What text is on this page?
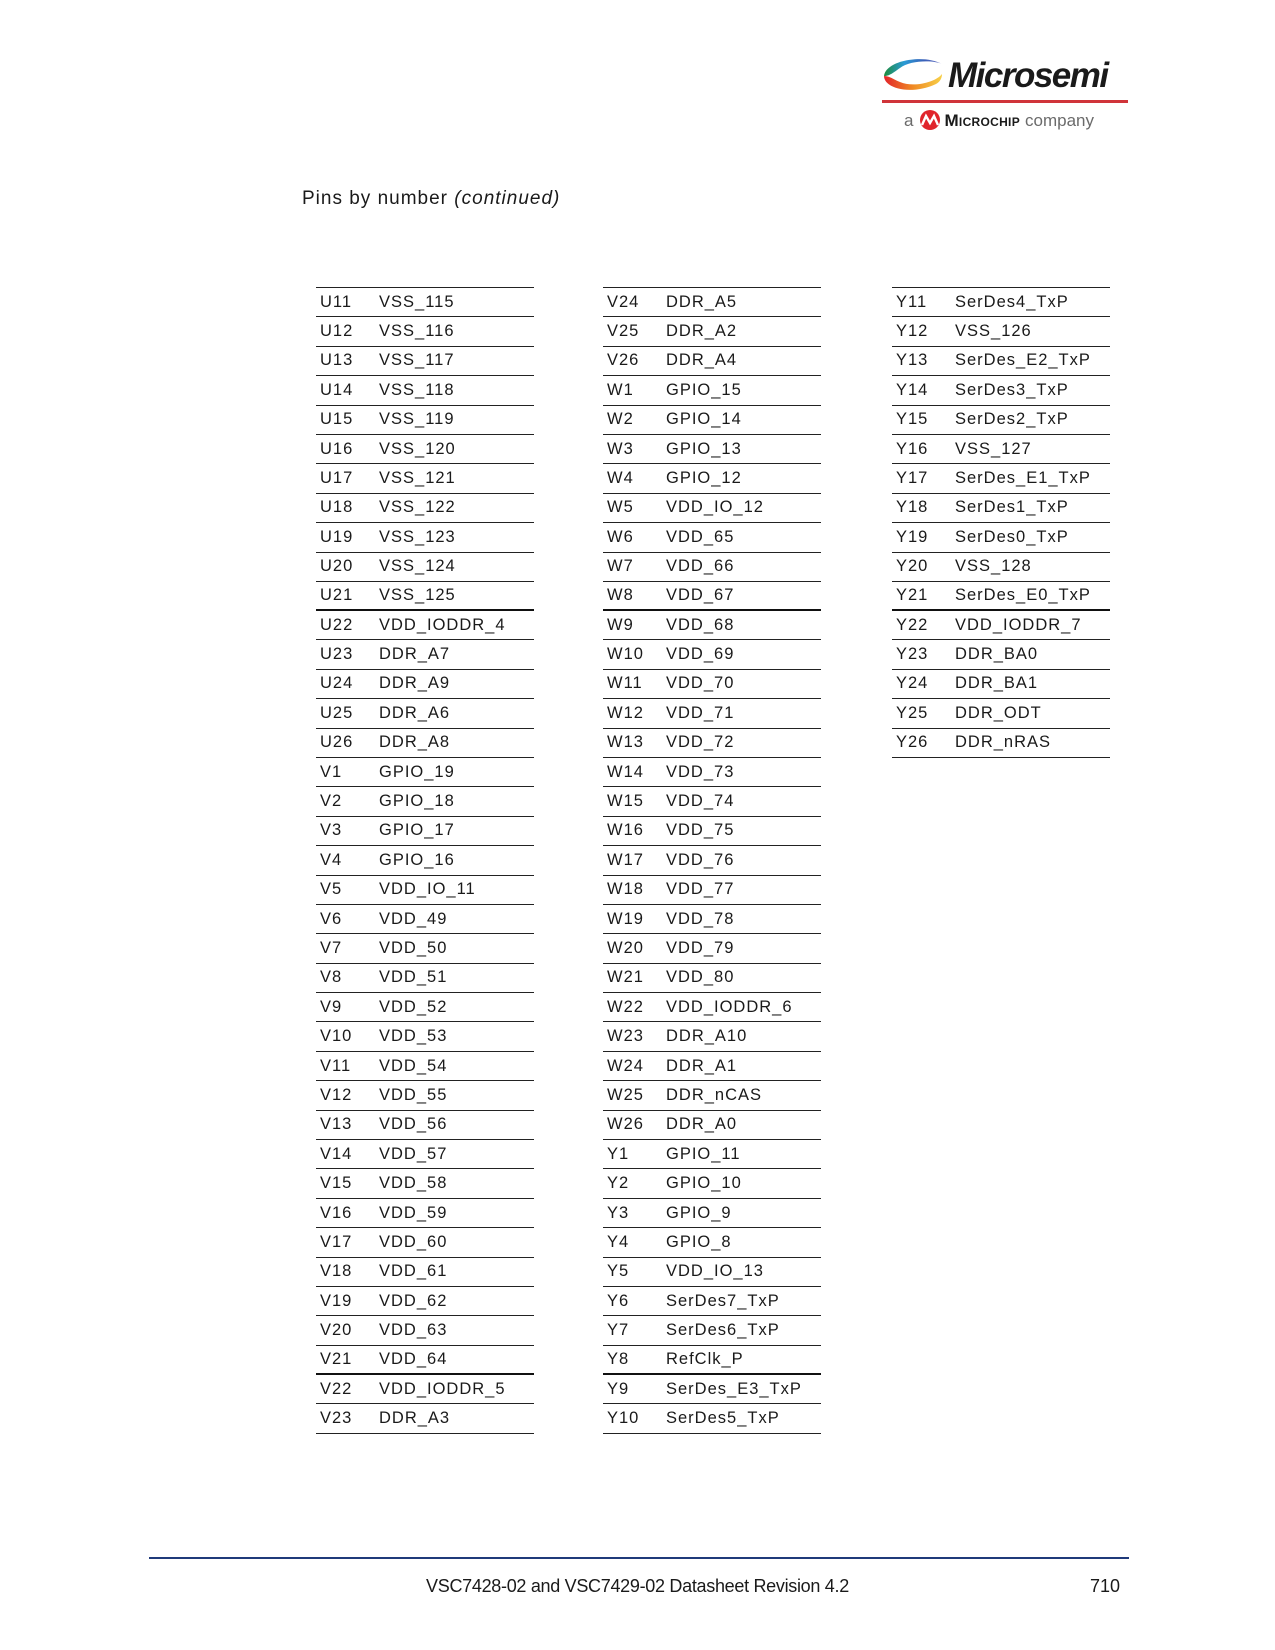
Microsemi
a Microchip company
Pins by number (continued)
U11	VSS_115
U12	VSS_116
U13	VSS_117
U14	VSS_118
U15	VSS_119
U16	VSS_120
U17	VSS_121
U18	VSS_122
U19	VSS_123
U20	VSS_124
U21	VSS_125
U22	VDD_IODDR_4
U23	DDR_A7
U24	DDR_A9
U25	DDR_A6
U26	DDR_A8
V1	GPIO_19
V2	GPIO_18
V3	GPIO_17
V4	GPIO_16
V5	VDD_IO_11
V6	VDD_49
V7	VDD_50
V8	VDD_51
V9	VDD_52
V10	VDD_53
V11	VDD_54
V12	VDD_55
V13	VDD_56
V14	VDD_57
V15	VDD_58
V16	VDD_59
V17	VDD_60
V18	VDD_61
V19	VDD_62
V20	VDD_63
V21	VDD_64
V22	VDD_IODDR_5
V23	DDR_A3
V24	DDR_A5
V25	DDR_A2
V26	DDR_A4
W1	GPIO_15
W2	GPIO_14
W3	GPIO_13
W4	GPIO_12
W5	VDD_IO_12
W6	VDD_65
W7	VDD_66
W8	VDD_67
W9	VDD_68
W10	VDD_69
W11	VDD_70
W12	VDD_71
W13	VDD_72
W14	VDD_73
W15	VDD_74
W16	VDD_75
W17	VDD_76
W18	VDD_77
W19	VDD_78
W20	VDD_79
W21	VDD_80
W22	VDD_IODDR_6
W23	DDR_A10
W24	DDR_A1
W25	DDR_nCAS
W26	DDR_A0
Y1	GPIO_11
Y2	GPIO_10
Y3	GPIO_9
Y4	GPIO_8
Y5	VDD_IO_13
Y6	SerDes7_TxP
Y7	SerDes6_TxP
Y8	RefClk_P
Y9	SerDes_E3_TxP
Y10	SerDes5_TxP
Y11	SerDes4_TxP
Y12	VSS_126
Y13	SerDes_E2_TxP
Y14	SerDes3_TxP
Y15	SerDes2_TxP
Y16	VSS_127
Y17	SerDes_E1_TxP
Y18	SerDes1_TxP
Y19	SerDes0_TxP
Y20	VSS_128
Y21	SerDes_E0_TxP
Y22	VDD_IODDR_7
Y23	DDR_BA0
Y24	DDR_BA1
Y25	DDR_ODT
Y26	DDR_nRAS
VSC7428-02 and VSC7429-02 Datasheet Revision 4.2	710
